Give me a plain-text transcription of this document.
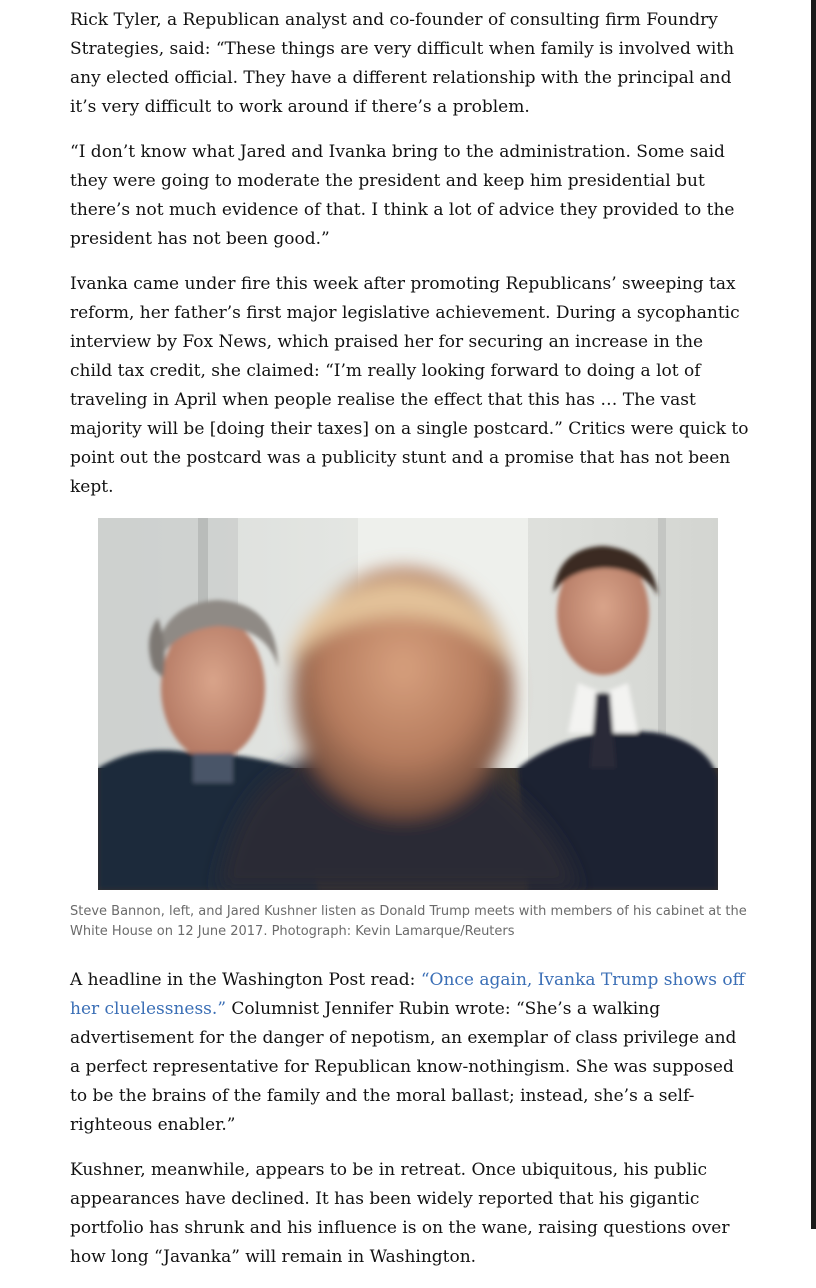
Rick Tyler, a Republican analyst and co-founder of consulting firm Foundry Strategies, said: “These things are very difficult when family is involved with any elected official. They have a different relationship with the principal and it’s very difficult to work around if there’s a problem.

“I don’t know what Jared and Ivanka bring to the administration. Some said they were going to moderate the president and keep him presidential but there’s not much evidence of that. I think a lot of advice they provided to the president has not been good.”

Ivanka came under fire this week after promoting Republicans’ sweeping tax reform, her father’s first major legislative achievement. During a sycophantic interview by Fox News, which praised her for securing an increase in the child tax credit, she claimed: “I’m really looking forward to doing a lot of traveling in April when people realise the effect that this has … The vast majority will be [doing their taxes] on a single postcard.” Critics were quick to point out the postcard was a publicity stunt and a promise that has not been kept.

Steve Bannon, left, and Jared Kushner listen as Donald Trump meets with members of his cabinet at the White House on 12 June 2017. Photograph: Kevin Lamarque/Reuters

A headline in the Washington Post read: “Once again, Ivanka Trump shows off her cluelessness.” Columnist Jennifer Rubin wrote: “She’s a walking advertisement for the danger of nepotism, an exemplar of class privilege and a perfect representative for Republican know-nothingism. She was supposed to be the brains of the family and the moral ballast; instead, she’s a self-righteous enabler.”

Kushner, meanwhile, appears to be in retreat. Once ubiquitous, his public appearances have declined. It has been widely reported that his gigantic portfolio has shrunk and his influence is on the wane, raising questions over how long “Javanka” will remain in Washington.
